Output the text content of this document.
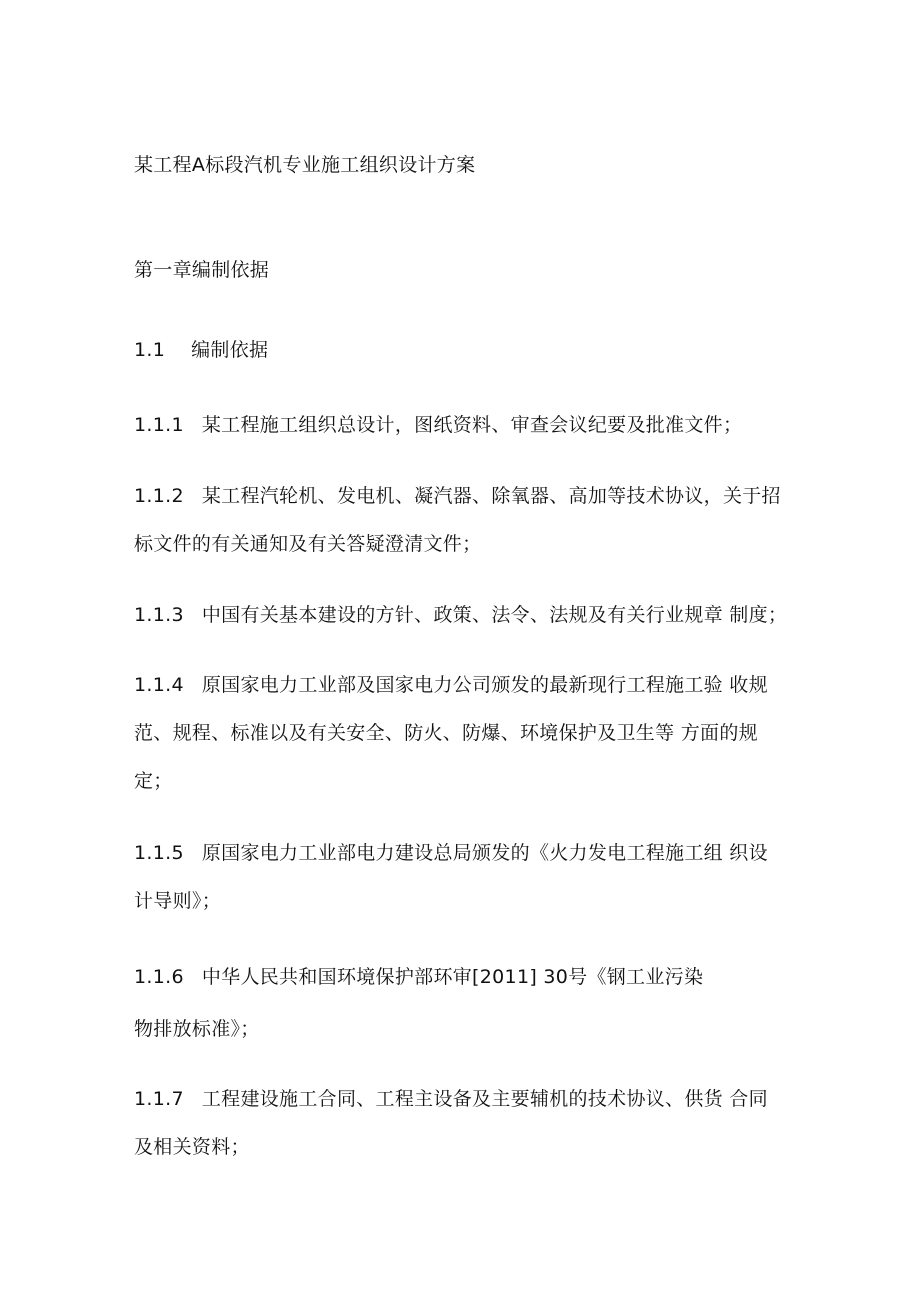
某工程A标段汽机专业施工组织设计方案
第一章编制依据
1.1 编制依据
1.1.1 某工程施工组织总设计，图纸资料、审查会议纪要及批准文件；
1.1.2 某工程汽轮机、发电机、凝汽器、除氧器、高加等技术协议，关于招
标文件的有关通知及有关答疑澄清文件；
1.1.3 中国有关基本建设的方针、政策、法令、法规及有关行业规章 制度；
1.1.4 原国家电力工业部及国家电力公司颁发的最新现行工程施工验 收规
范、规程、标准以及有关安全、防火、防爆、环境保护及卫生等 方面的规
定；
1.1.5 原国家电力工业部电力建设总局颁发的《火力发电工程施工组 织设
计导则》；
1.1.6 中华人民共和国环境保护部环审[2011] 30号《钢工业污染
物排放标准》；
1.1.7 工程建设施工合同、工程主设备及主要辅机的技术协议、供货 合同
及相关资料；
